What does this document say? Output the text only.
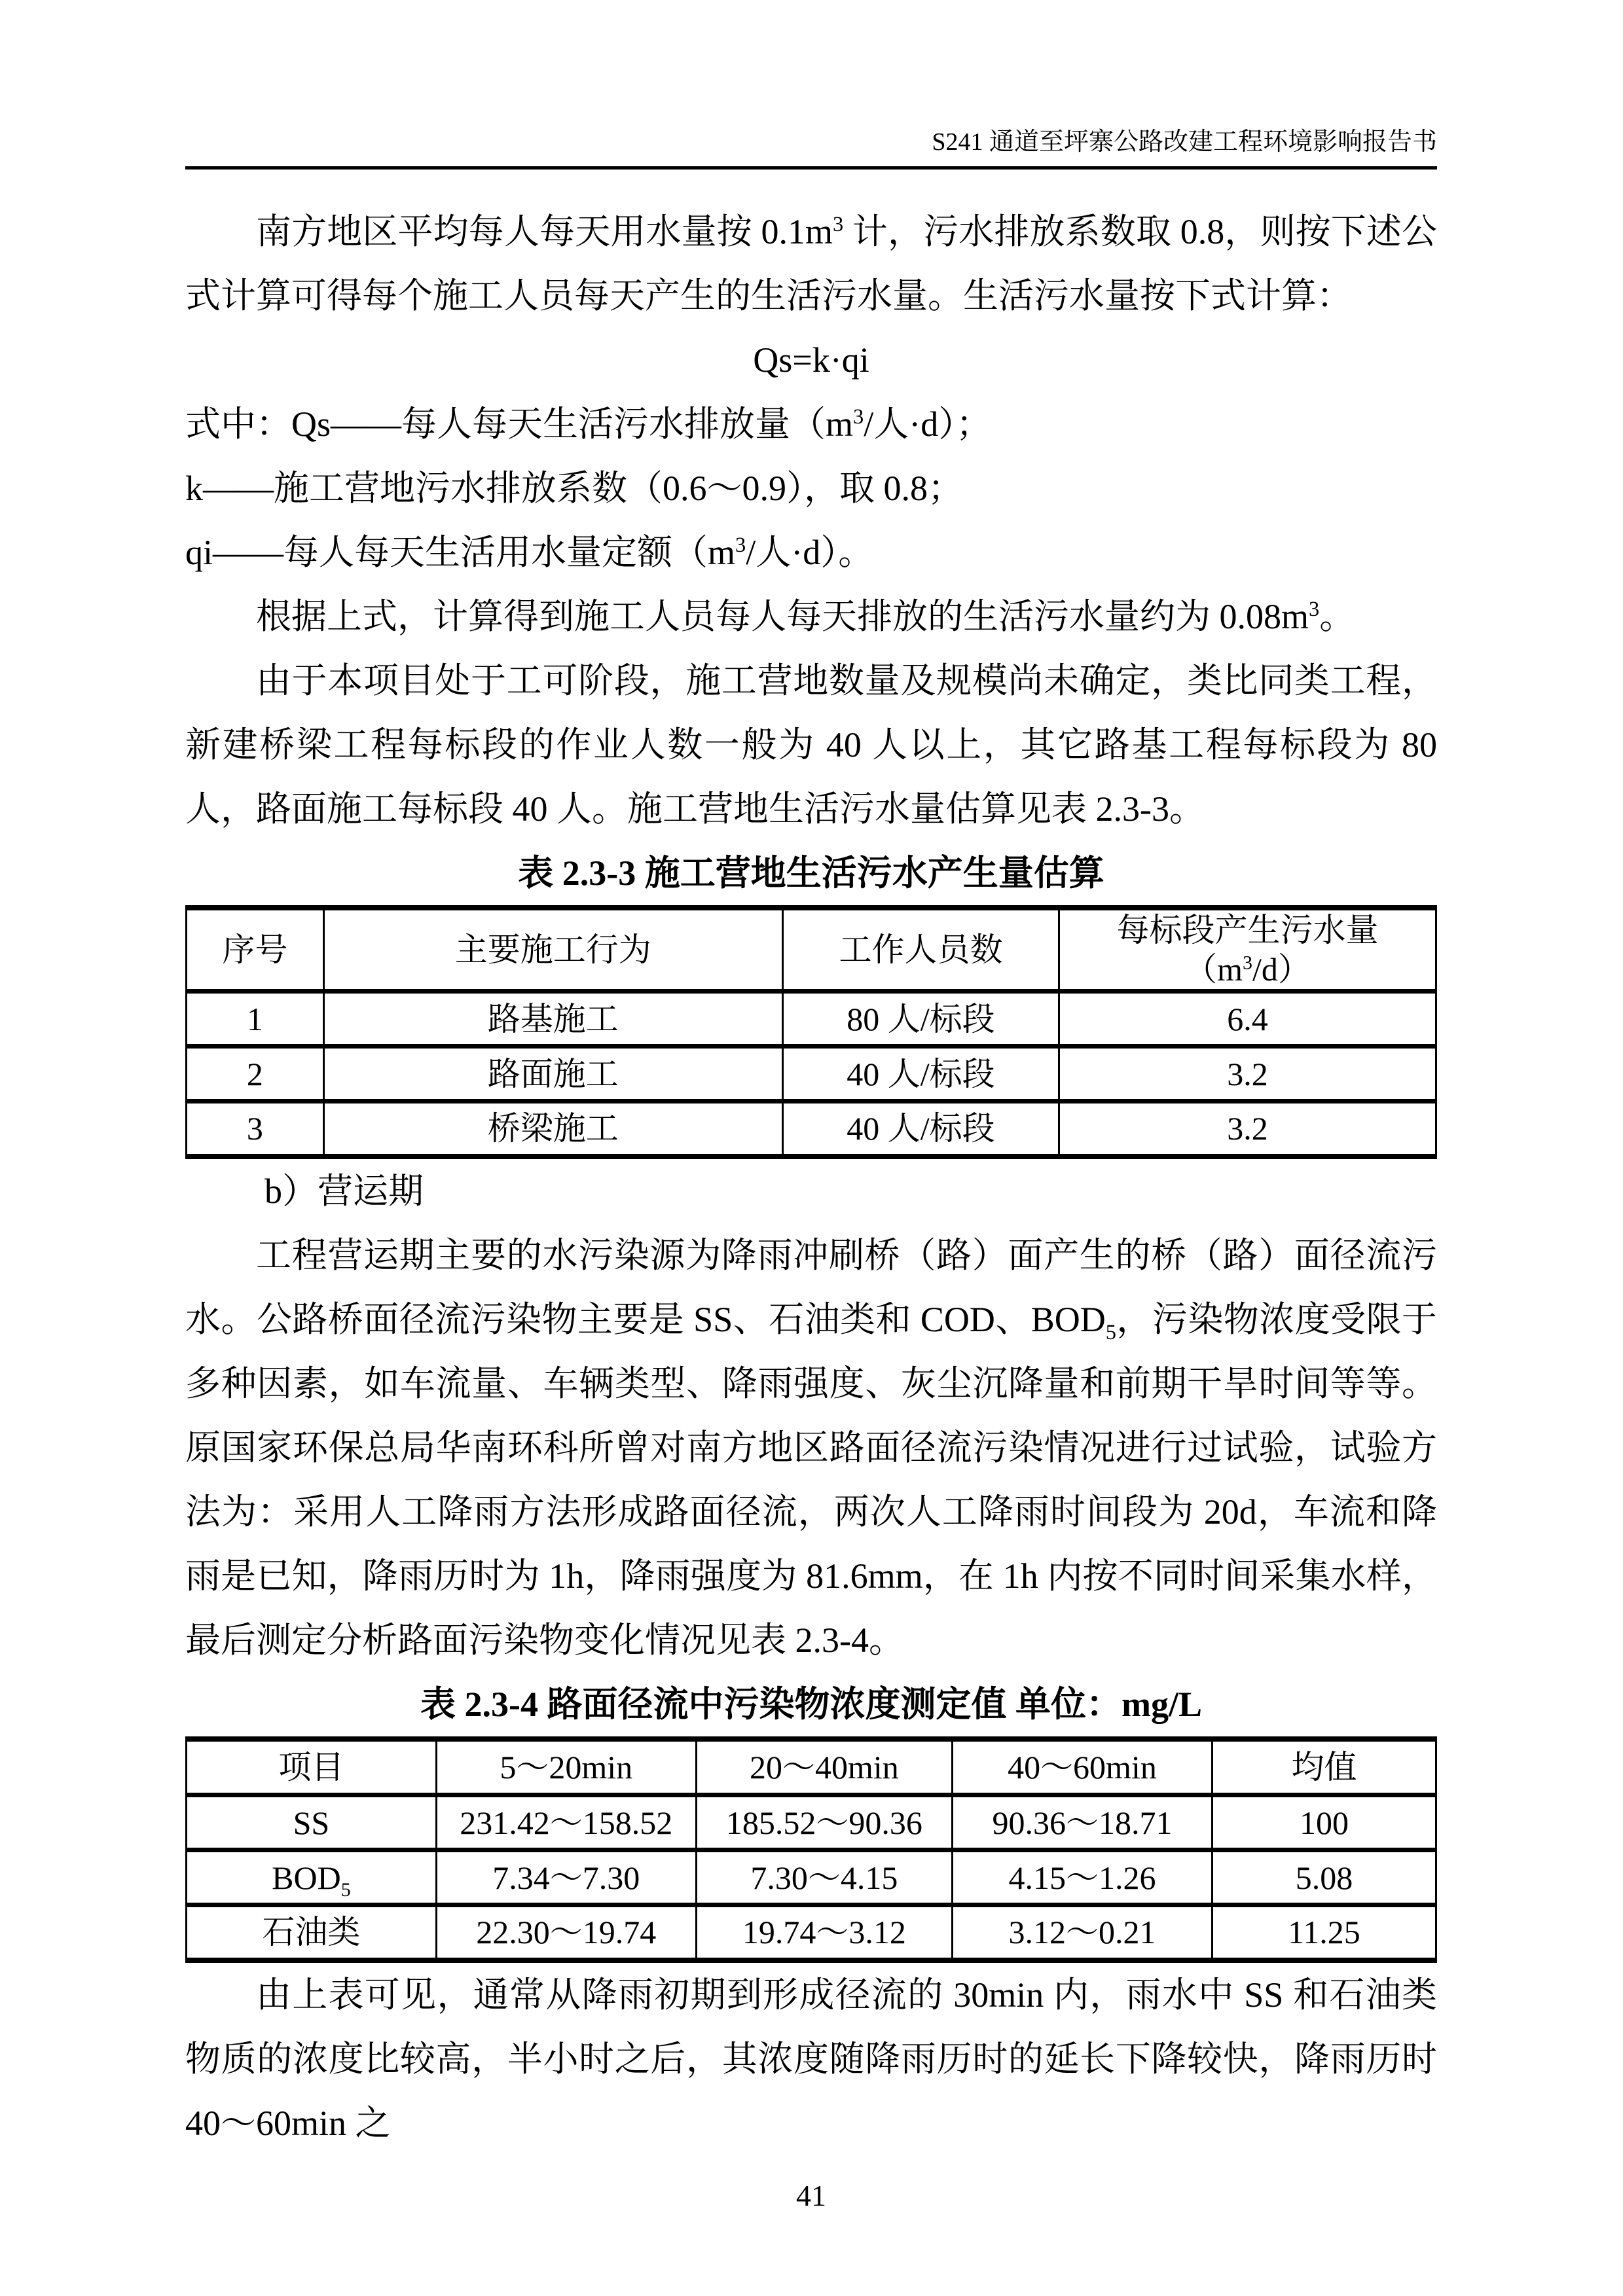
S241 通道至坪寨公路改建工程环境影响报告书

南方地区平均每人每天用水量按 $0.1m^3$ 计，污水排放系数取 0.8，则按下述公式计算可得每个施工人员每天产生的生活污水量。生活污水量按下式计算：

Qs=k·qi

式中：Qs——每人每天生活污水排放量（$m^3/$人·d）；

k——施工营地污水排放系数（0.6～0.9），取 0.8；

qi——每人每天生活用水量定额（$m^3/$人·d）。

根据上式，计算得到施工人员每人每天排放的生活污水量约为 $0.08m^3$。

由于本项目处于工可阶段，施工营地数量及规模尚未确定，类比同类工程，新建桥梁工程每标段的作业人数一般为 40 人以上，其它路基工程每标段为 80 人，路面施工每标段 40 人。施工营地生活污水量估算见表 2.3-3。

表 2.3-3 施工营地生活污水产生量估算

序号	主要施工行为	工作人员数	每标段产生污水量$(m^3/d)$
1	路基施工	80 人/标段	6.4
2	路面施工	40 人/标段	3.2
3	桥梁施工	40 人/标段	3.2

b）营运期

工程营运期主要的水污染源为降雨冲刷桥（路）面产生的桥（路）面径流污水。公路桥面径流污染物主要是 SS、石油类和 COD、$BOD_5$，污染物浓度受限于多种因素，如车流量、车辆类型、降雨强度、灰尘沉降量和前期干旱时间等等。原国家环保总局华南环科所曾对南方地区路面径流污染情况进行过试验，试验方法为：采用人工降雨方法形成路面径流，两次人工降雨时间段为 20d，车流和降雨是已知，降雨历时为 1h，降雨强度为 81.6mm，在 1h 内按不同时间采集水样，最后测定分析路面污染物变化情况见表 2.3-4。

表 2.3-4 路面径流中污染物浓度测定值 单位：mg/L

项目	5～20min	20～40min	40～60min	均值
SS	231.42～158.52	185.52～90.36	90.36～18.71	100
$BOD_5$	7.34～7.30	7.30～4.15	4.15～1.26	5.08
石油类	22.30～19.74	19.74～3.12	3.12～0.21	11.25

由上表可见，通常从降雨初期到形成径流的 30min 内，雨水中 SS 和石油类物质的浓度比较高，半小时之后，其浓度随降雨历时的延长下降较快，降雨历时 40～60min 之

41
